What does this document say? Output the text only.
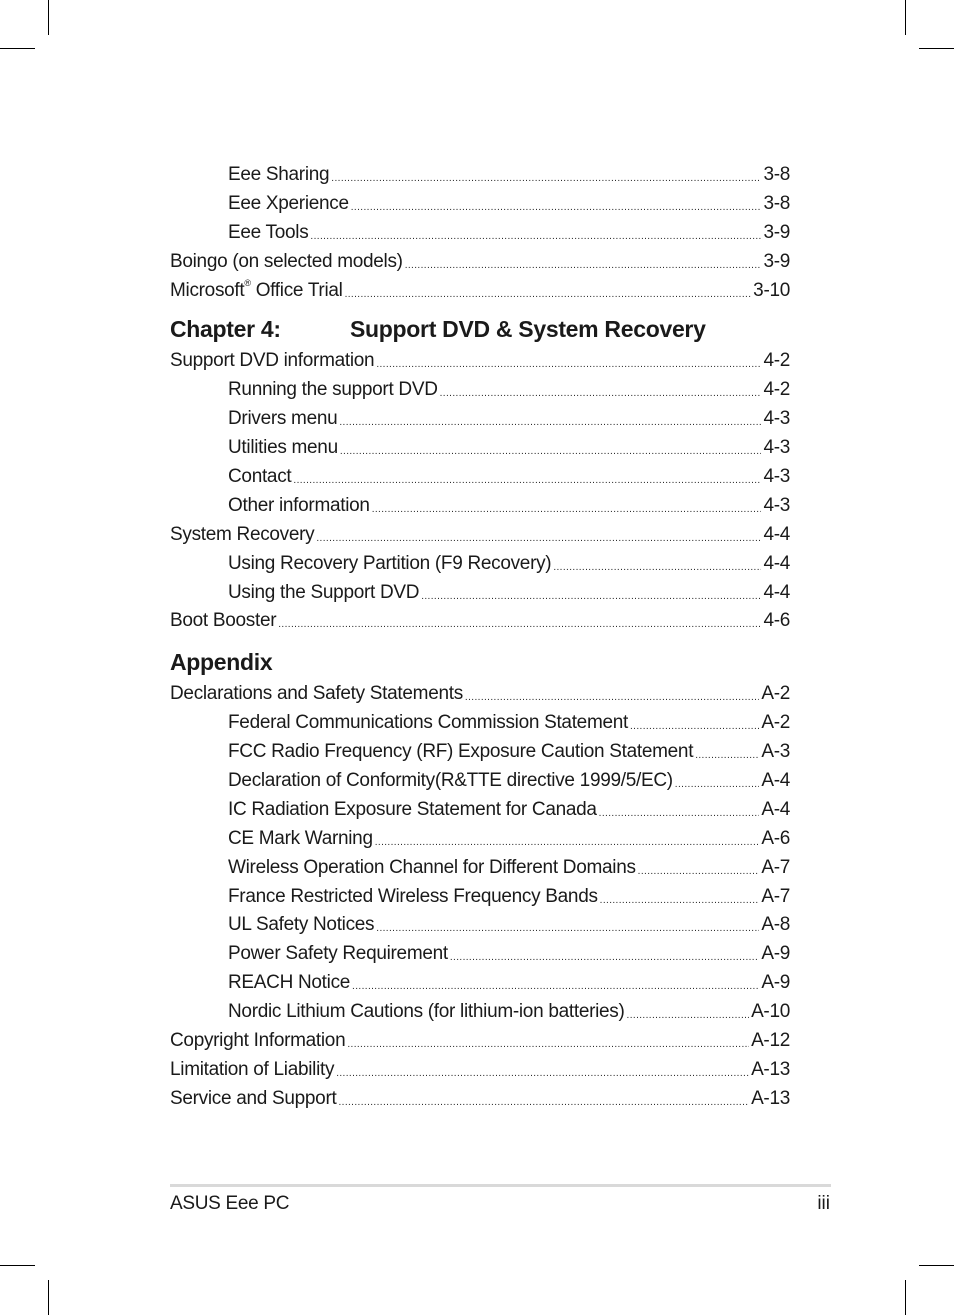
Eee Sharing .....	3-8
Eee Xperience .....	3-8
Eee Tools .....	3-9
Boingo (on selected models) .....	3-9
Microsoft® Office Trial .....	3-10
Chapter 4:	Support DVD & System Recovery
Support DVD information .....	4-2
Running the support DVD .....	4-2
Drivers menu .....	4-3
Utilities menu .....	4-3
Contact .....	4-3
Other information .....	4-3
System Recovery .....	4-4
Using Recovery Partition (F9 Recovery) .....	4-4
Using the Support DVD .....	4-4
Boot Booster .....	4-6
Appendix
Declarations and Safety Statements .....	A-2
Federal Communications Commission Statement .....	A-2
FCC Radio Frequency (RF) Exposure Caution Statement .....	A-3
Declaration of Conformity(R&TTE directive 1999/5/EC) .....	A-4
IC Radiation Exposure Statement for Canada .....	A-4
CE Mark Warning .....	A-6
Wireless Operation Channel for Different Domains .....	A-7
France Restricted Wireless Frequency Bands .....	A-7
UL Safety Notices .....	A-8
Power Safety Requirement .....	A-9
REACH Notice .....	A-9
Nordic Lithium Cautions (for lithium-ion batteries) .....	A-10
Copyright Information .....	A-12
Limitation of Liability .....	A-13
Service and Support .....	A-13
ASUS Eee PC	iii
